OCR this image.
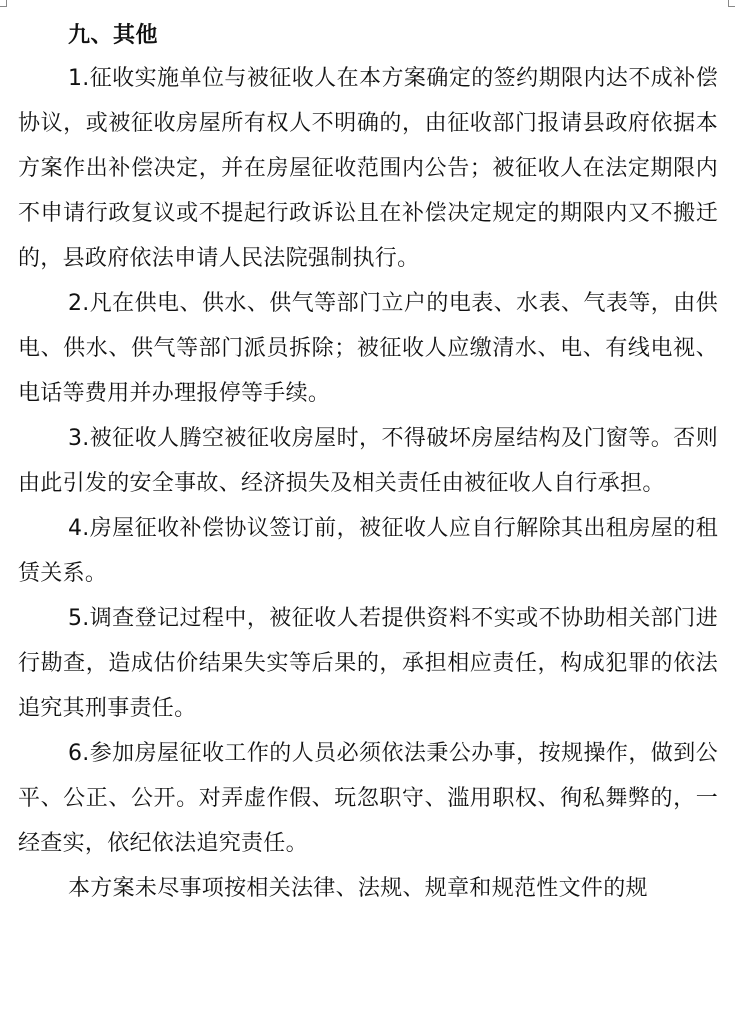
九、其他

1.征收实施单位与被征收人在本方案确定的签约期限内达不成补偿协议，或被征收房屋所有权人不明确的，由征收部门报请县政府依据本方案作出补偿决定，并在房屋征收范围内公告；被征收人在法定期限内不申请行政复议或不提起行政诉讼且在补偿决定规定的期限内又不搬迁的，县政府依法申请人民法院强制执行。

2.凡在供电、供水、供气等部门立户的电表、水表、气表等，由供电、供水、供气等部门派员拆除；被征收人应缴清水、电、有线电视、电话等费用并办理报停等手续。

3.被征收人腾空被征收房屋时，不得破坏房屋结构及门窗等。否则由此引发的安全事故、经济损失及相关责任由被征收人自行承担。

4.房屋征收补偿协议签订前，被征收人应自行解除其出租房屋的租赁关系。

5.调查登记过程中，被征收人若提供资料不实或不协助相关部门进行勘查，造成估价结果失实等后果的，承担相应责任，构成犯罪的依法追究其刑事责任。

6.参加房屋征收工作的人员必须依法秉公办事，按规操作，做到公平、公正、公开。对弄虚作假、玩忽职守、滥用职权、徇私舞弊的，一经查实，依纪依法追究责任。

本方案未尽事项按相关法律、法规、规章和规范性文件的规
